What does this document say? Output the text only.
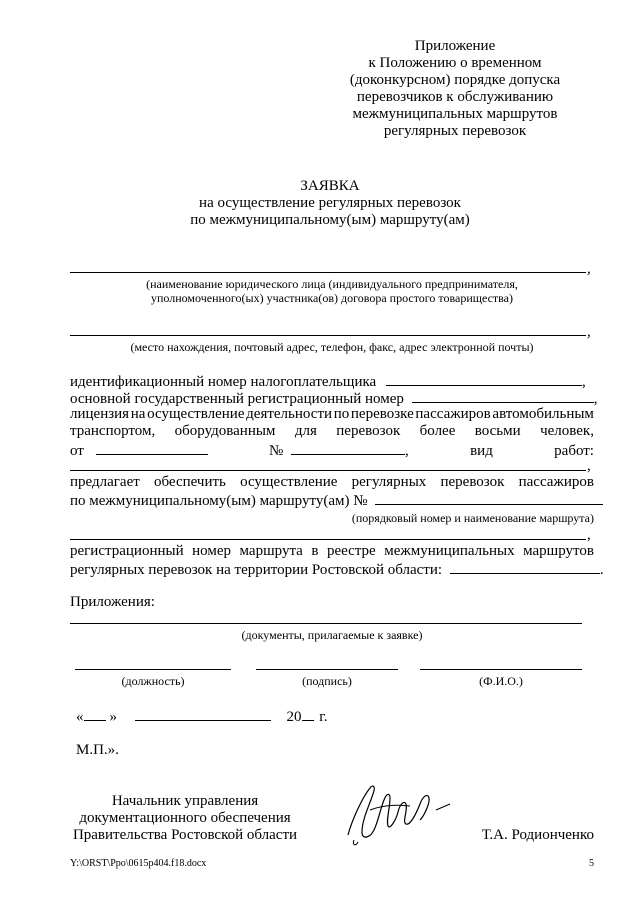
Приложение
к Положению о временном
(доконкурсном) порядке допуска
перевозчиков к обслуживанию
межмуниципальных маршрутов
регулярных перевозок
ЗАЯВКА
на осуществление регулярных перевозок
по межмуниципальному(ым) маршруту(ам)
,
(наименование юридического лица (индивидуального предпринимателя,
уполномоченного(ых) участника(ов) договора простого товарищества)
,
(место нахождения, почтовый адрес, телефон, факс, адрес электронной почты)
идентификационный номер налогоплательщика	,
основной государственный регистрационный номер	,
лицензия на осуществление деятельности по перевозке пассажиров автомобильным
транспортом, оборудованным для перевозок более восьми человек,
от	№	,	вид	работ:
,
предлагает обеспечить осуществление регулярных перевозок пассажиров
по межмуниципальному(ым) маршруту(ам) №
(порядковый номер и наименование маршрута)
,
регистрационный номер маршрута в реестре межмуниципальных маршрутов
регулярных перевозок на территории Ростовской области:	.
Приложения:
(документы, прилагаемые к заявке)
(должность)	(подпись)	(Ф.И.О.)
« »	20 г.
М.П.».
Начальник управления
документационного обеспечения
Правительства Ростовской области	Т.А. Родионченко
Y:\ORST\Ppo\0615p404.f18.docx	5
